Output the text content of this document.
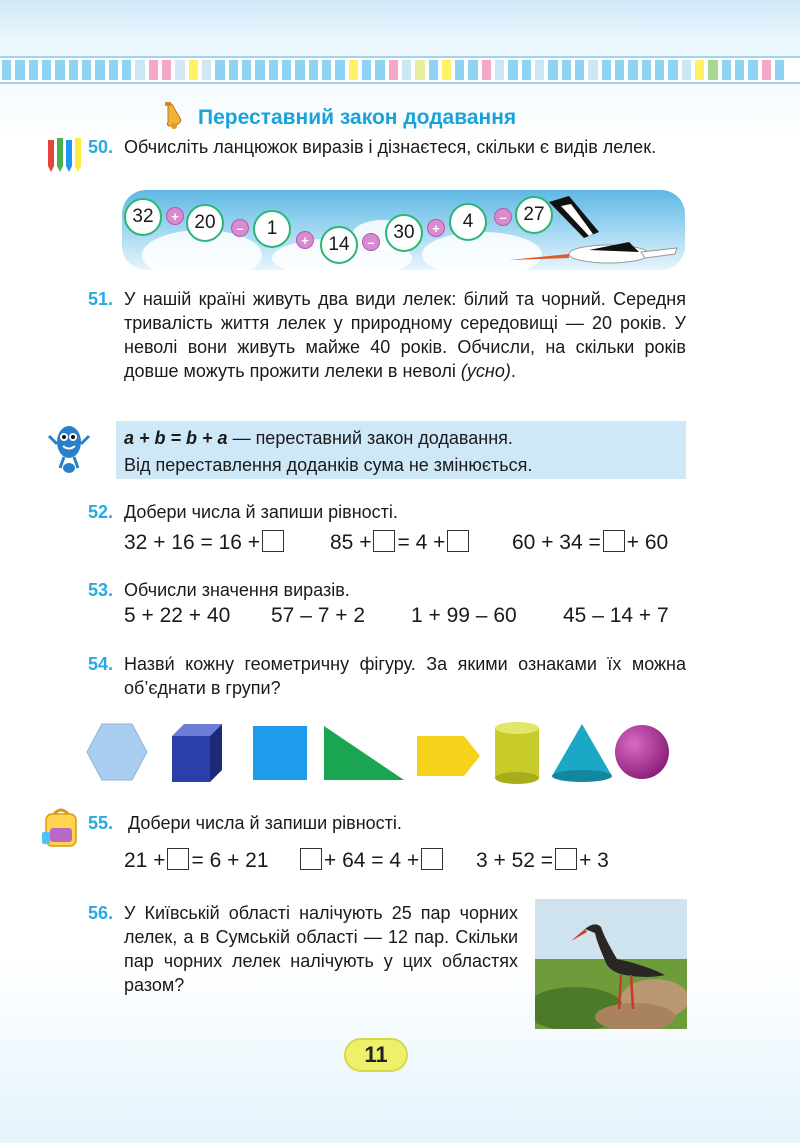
Переставний закон додавання
50. Обчисліть ланцюжок виразів і дізнаєтеся, скільки є видів лелек.
32	20	1
14
30
4	27
+
–
+	–
+
–
51. У нашій країні живуть два види лелек: білий та чорний. Середня тривалість життя лелек у природному середовищі — 20 років. У неволі вони живуть майже 40 років. Обчисли, на скільки років довше можуть прожити лелеки в неволі (усно).
a + b = b + a — переставний закон додавання.
Від переставлення доданків сума не змінюється.
52. Добери числа й запиши рівності.
32 + 16 = 16 +	85 + = 4 +	60 + 34 = + 60
53. Обчисли значення виразів.
5 + 22 + 40 57 – 7 + 2 1 + 99 – 60 45 – 14 + 7
54. Назви́ кожну геометричну фігуру. За якими ознаками їх можна об’єднати в групи?
55. Добери числа й запиши рівності.
21 + = 6 + 21	+ 64 = 4 +	3 + 52 = + 3
56. У Київській області налічують 25 пар чорних лелек, а в Сумській області — 12 пар. Скільки пар чорних лелек налічують у цих областях разом?
11
